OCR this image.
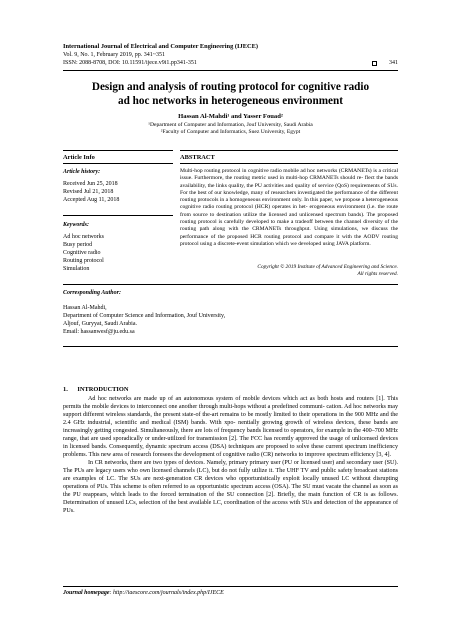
International Journal of Electrical and Computer Engineering (IJECE)
Vol. 9, No. 1, February 2019, pp. 341~351
ISSN: 2088-8708, DOI: 10.11591/ijece.v9i1.pp341-351	341
Design and analysis of routing protocol for cognitive radio
ad hoc networks in heterogeneous environment
Hassan Al-Mahdi¹ and Yasser Fouad²
¹Department of Computer and Information, Jouf University, Saudi Arabia
²Faculty of Computer and Informatics, Suez University, Egypt
Article Info	ABSTRACT
Article history:
Received Jun 25, 2018
Revised Jul 21, 2018
Accepted Aug 11, 2018
Keywords:
Ad hoc networks
Busy period
Cognitive radio
Routing protocol
Simulation
Multi-hop routing protocol in cognitive radio mobile ad hoc networks (CRMANETs) is a critical issue. Furthermore, the routing metric used in multi-hop CRMANETs should re- flect the bands availability, the links quality, the PU activities and quality of service (QoS) requirements of SUs. For the best of our knowledge, many of researchers investigated the performance of the different routing protocols in a homogeneous environment only. In this paper, we propose a heterogeneous cognitive radio routing protocol (HCR) operates in het- erogeneous environment (i.e. the route from source to destination utilize the licensed and unlicensed spectrum bands). The proposed routing protocol is carefully developed to make a tradeoff between the channel diversity of the routing path along with the CRMANETs throughput. Using simulations, we discuss the performance of the proposed HCR routing protocol and compare it with the AODV routing protocol using a discrete-event simulation which we developed using JAVA platform.
Copyright © 2019 Institute of Advanced Engineering and Science.
All rights reserved.
Corresponding Author:
Hassan Al-Mahdi,
Department of Computer Science and Information, Jouf University,
Aljouf, Guryyat, Saudi Arabia.
Email: hassanwesf@ju.edu.sa
1.      INTRODUCTION

Ad hoc networks are made up of an autonomous system of mobile devices which act as both hosts and routers [1]. This permits the mobile devices to interconnect one another through multi-hops without a predefined communi- cation. Ad hoc networks may support different wireless standards, the present state-of the-art remains to be mostly limited to their operations in the 900 MHz and the 2.4 GHz industrial, scientific and medical (ISM) bands. With xpo- nentially growing growth of wireless devices, these bands are increasingly getting congested. Simultaneously, there are lots of frequency bands licensed to operators, for example in the 400–700 MHz range, that are used sporadically or under-utilized for transmission [2]. The FCC has recently approved the usage of unlicensed devices in licensed bands. Consequently, dynamic spectrum access (DSA) techniques are proposed to solve these current spectrum inefficiency problems. This new area of research foresees the development of cognitive radio (CR) networks to improve spectrum efficiency [3, 4].

In CR networks, there are two types of devices. Namely, primary primary user (PU or licensed user) and secondary user (SU). The PUs are legacy users who own licensed channels (LC), but do not fully utilize it. The UHF TV and public safety broadcast stations are examples of LC. The SUs are next-generation CR devices who opportunistically exploit locally unused LC without disrupting operations of PUs. This scheme is often referred to as opportunistic spectrum access (OSA). The SU must vacate the channel as soon as the PU reappears, which leads to the forced termination of the SU connection [2]. Briefly, the main function of CR is as follows. Determination of unused LCs, selection of the best available LC, coordination of the access with SUs and detection of the appearance of PUs.

Journal homepage: http://iaescore.com/journals/index.php/IJECE
